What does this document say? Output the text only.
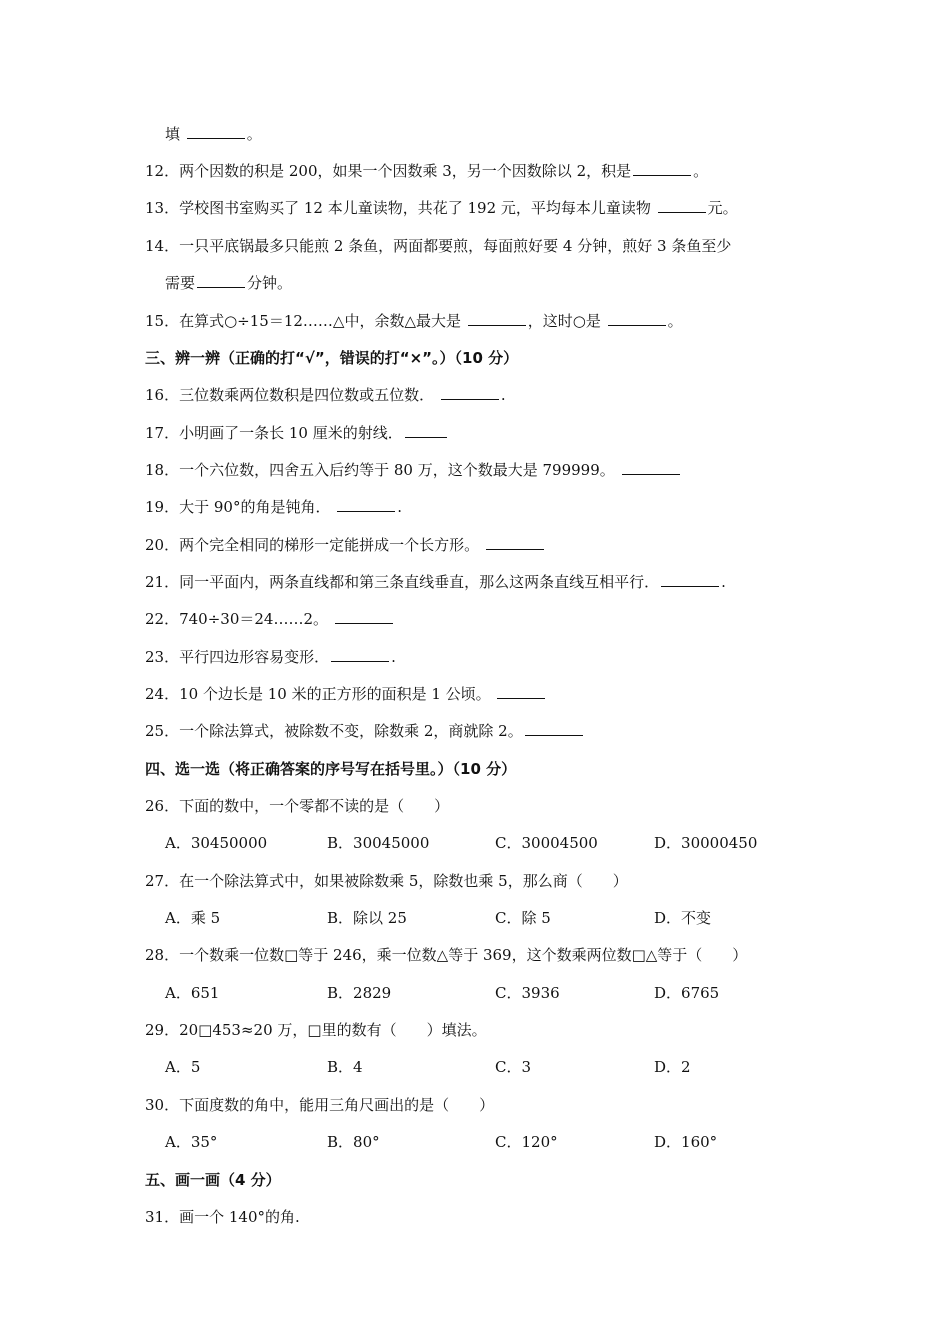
填	。
12．两个因数的积是 200，如果一个因数乘 3，另一个因数除以 2，积是	。
13．学校图书室购买了 12 本儿童读物，共花了 192 元，平均每本儿童读物	元。
14．一只平底锅最多只能煎 2 条鱼，两面都要煎，每面煎好要 4 分钟，煎好 3 条鱼至少
需要	分钟。
15．在算式○÷15＝12……△中，余数△最大是	，这时○是	。
三、辨一辨（正确的打“√”，错误的打“×”。）（10 分）
16．三位数乘两位数积是四位数或五位数．	.
17．小明画了一条长 10 厘米的射线．
18．一个六位数，四舍五入后约等于 80 万，这个数最大是 799999。
19．大于 90°的角是钝角．	.
20．两个完全相同的梯形一定能拼成一个长方形。
21．同一平面内，两条直线都和第三条直线垂直，那么这两条直线互相平行．	.
22．740÷30＝24……2。
23．平行四边形容易变形．	.
24．10 个边长是 10 米的正方形的面积是 1 公顷。
25．一个除法算式，被除数不变，除数乘 2，商就除 2。
四、选一选（将正确答案的序号写在括号里。）（10 分）
26．下面的数中，一个零都不读的是（　　）
A．30450000	B．30045000	C．30004500	D．30000450
27．在一个除法算式中，如果被除数乘 5，除数也乘 5，那么商（　　）
A．乘 5	B．除以 25	C．除 5	D．不变
28．一个数乘一位数□等于 246，乘一位数△等于 369，这个数乘两位数□△等于（　　）
A．651	B．2829	C．3936	D．6765
29．20□453≈20 万，□里的数有（　　）填法。
A．5	B．4	C．3	D．2
30．下面度数的角中，能用三角尺画出的是（　　）
A．35°	B．80°	C．120°	D．160°
五、画一画（4 分）
31．画一个 140°的角.
